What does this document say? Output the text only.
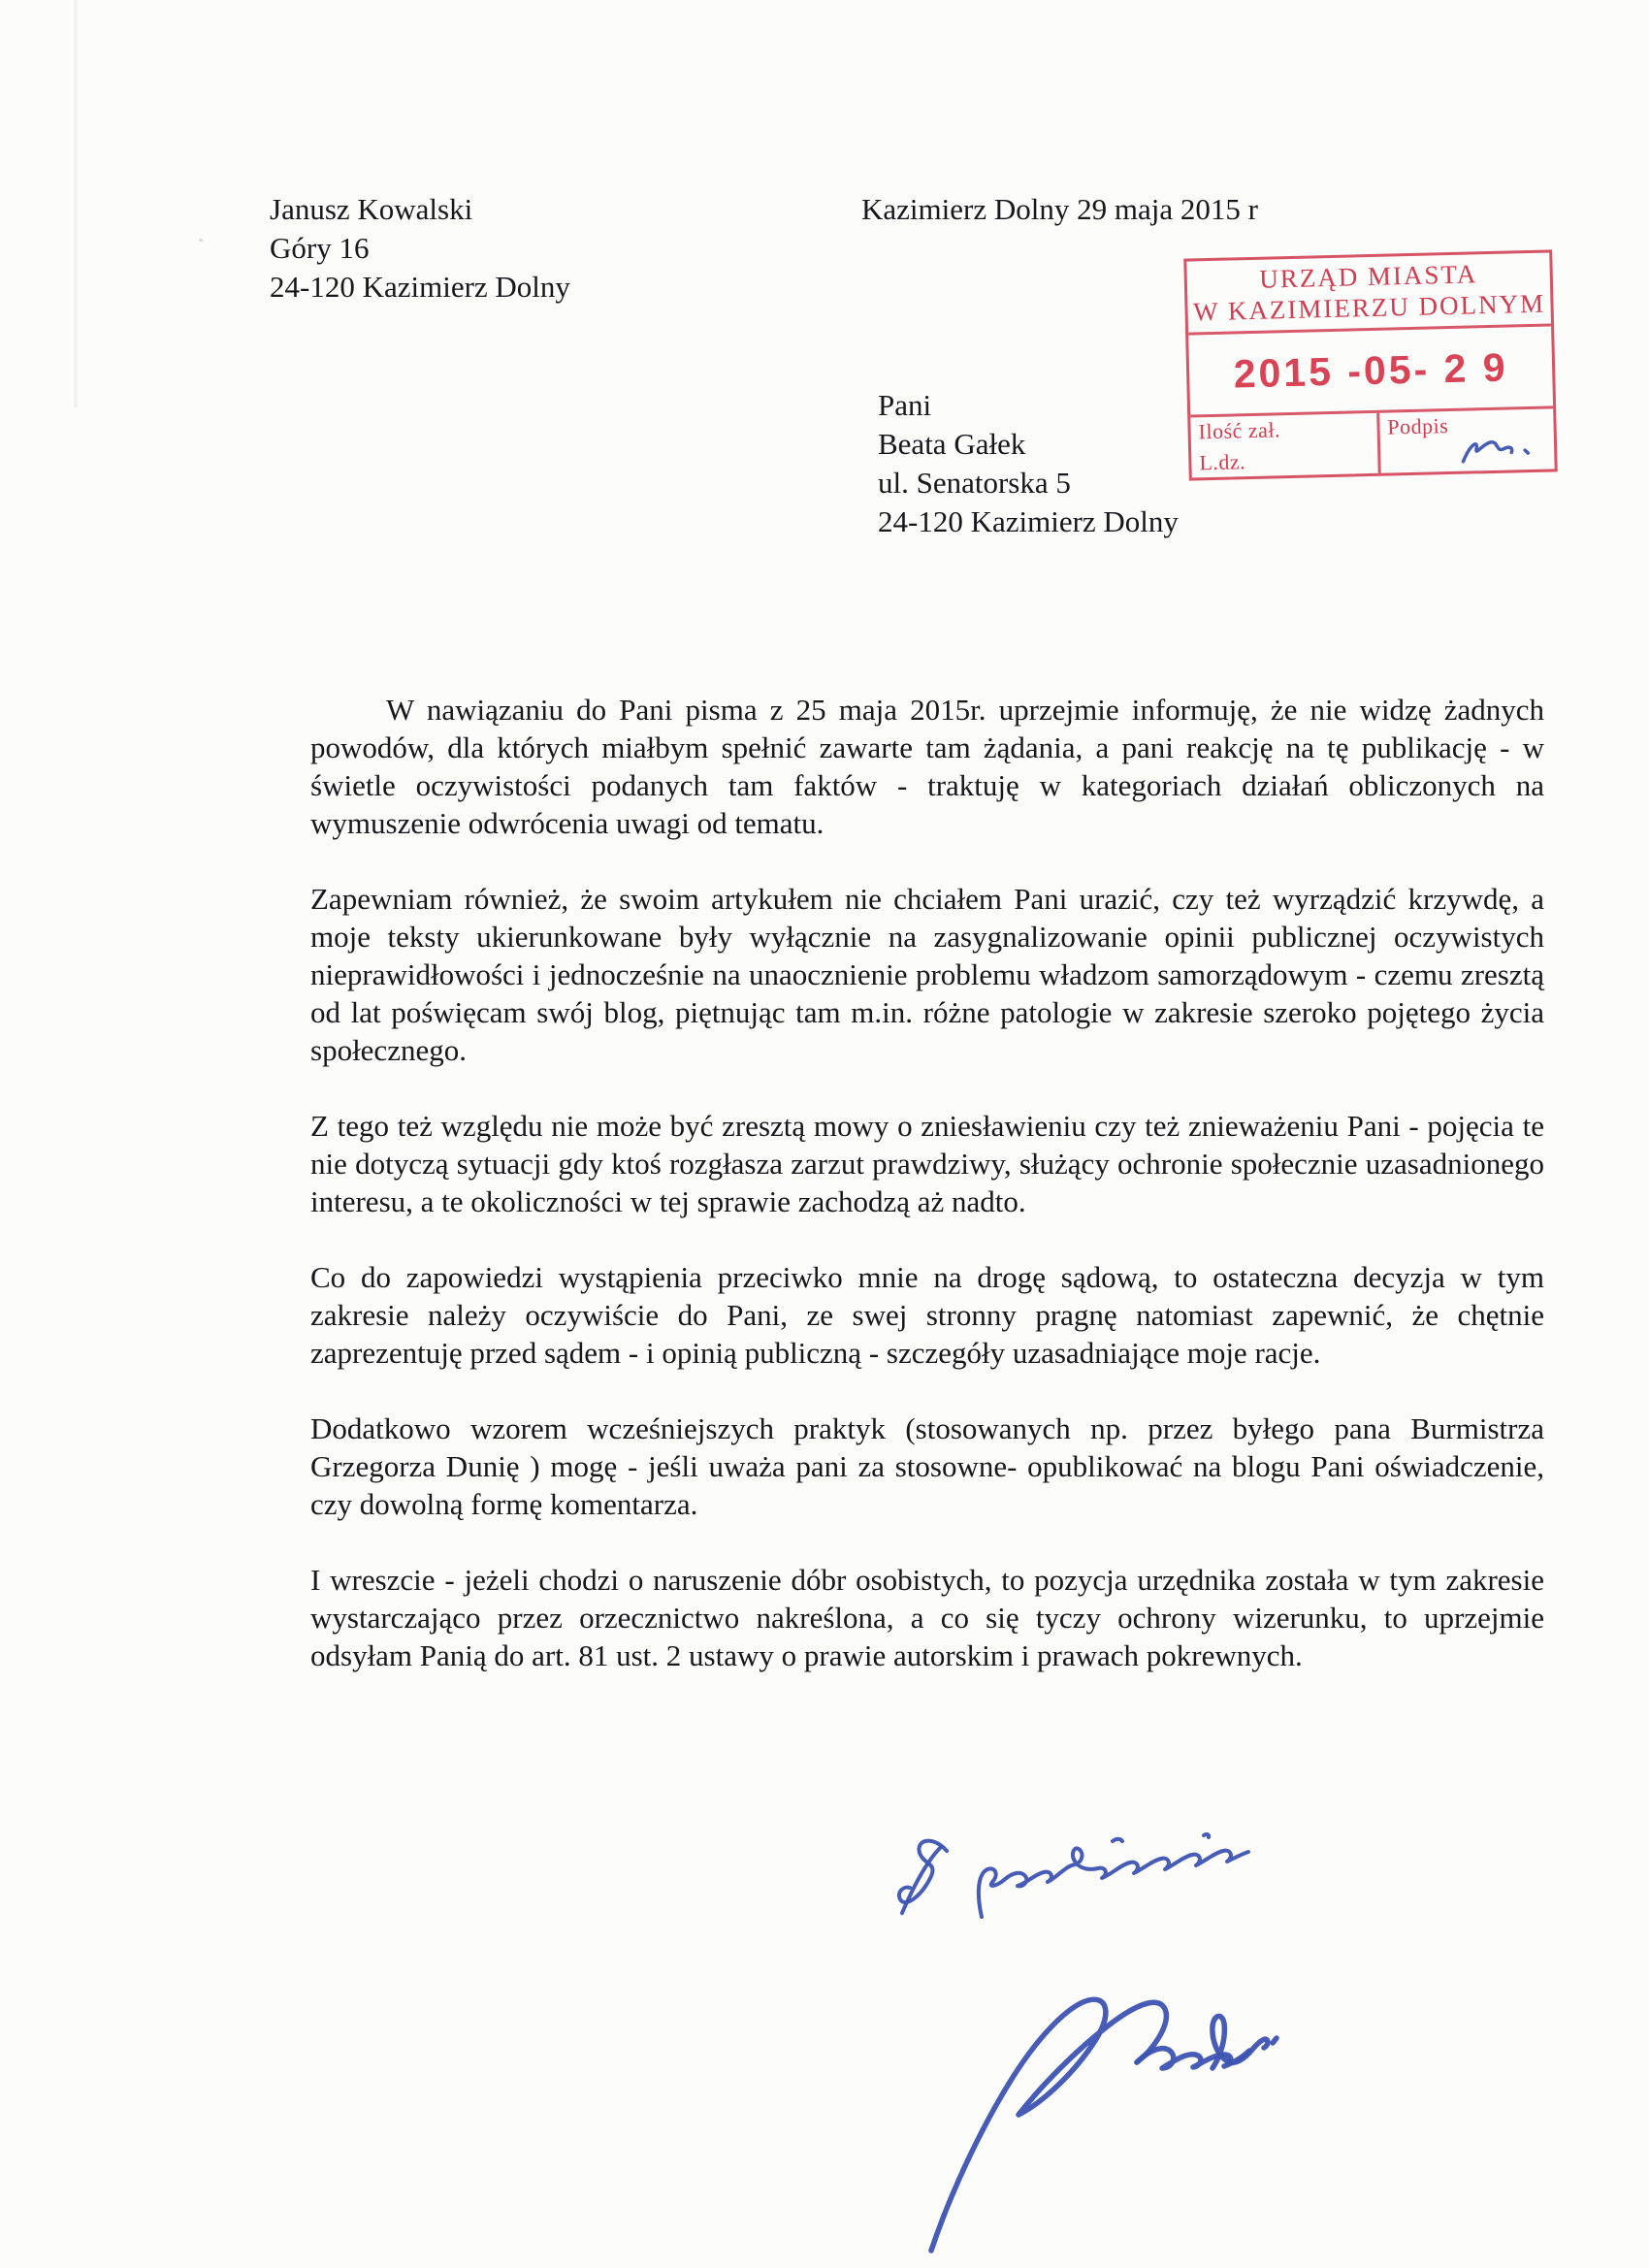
Janusz Kowalski
Góry 16
24-120 Kazimierz Dolny
Kazimierz Dolny 29 maja 2015 r
URZĄD MIASTA
W KAZIMIERZU DOLNYM
2015 -05- 2 9
Ilość zał.
L.dz.
Podpis
Pani
Beata Gałek
ul. Senatorska 5
24-120 Kazimierz Dolny

W nawiązaniu do Pani pisma z 25 maja 2015r. uprzejmie informuję, że nie widzę żadnych powodów, dla których miałbym spełnić zawarte tam żądania, a pani reakcję na tę publikację - w świetle oczywistości podanych tam faktów - traktuję w kategoriach działań obliczonych na wymuszenie odwrócenia uwagi od tematu.

Zapewniam również, że swoim artykułem nie chciałem Pani urazić, czy też wyrządzić krzywdę, a moje teksty ukierunkowane były wyłącznie na zasygnalizowanie opinii publicznej oczywistych nieprawidłowości i jednocześnie na unaocznienie problemu władzom samorządowym - czemu zresztą od lat poświęcam swój blog, piętnując tam m.in. różne patologie w zakresie szeroko pojętego życia społecznego.

Z tego też względu nie może być zresztą mowy o zniesławieniu czy też znieważeniu Pani - pojęcia te nie dotyczą sytuacji gdy ktoś rozgłasza zarzut prawdziwy, służący ochronie społecznie uzasadnionego interesu, a te okoliczności w tej sprawie zachodzą aż nadto.

Co do zapowiedzi wystąpienia przeciwko mnie na drogę sądową, to ostateczna decyzja w tym zakresie należy oczywiście do Pani, ze swej stronny pragnę natomiast zapewnić, że chętnie zaprezentuję przed sądem - i opinią publiczną - szczegóły uzasadniające moje racje.

Dodatkowo wzorem wcześniejszych praktyk (stosowanych np. przez byłego pana Burmistrza Grzegorza Dunię ) mogę - jeśli uważa pani za stosowne- opublikować na blogu Pani oświadczenie, czy dowolną formę komentarza.

I wreszcie - jeżeli chodzi o naruszenie dóbr osobistych, to pozycja urzędnika została w tym zakresie wystarczająco przez orzecznictwo nakreślona, a co się tyczy ochrony wizerunku, to uprzejmie odsyłam Panią do art. 81 ust. 2 ustawy o prawie autorskim i prawach pokrewnych.
